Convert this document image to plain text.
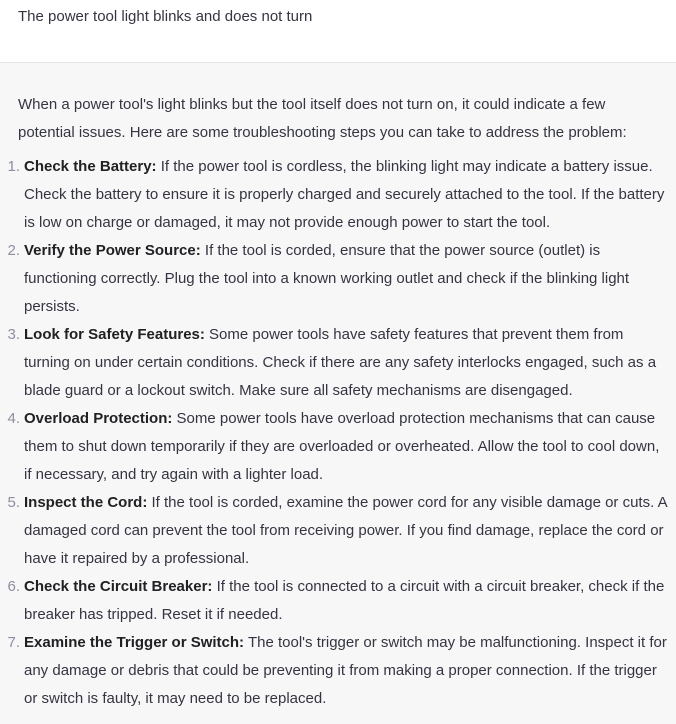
The power tool light blinks and does not turn

When a power tool's light blinks but the tool itself does not turn on, it could indicate a few potential issues. Here are some troubleshooting steps you can take to address the problem:

1. Check the Battery: If the power tool is cordless, the blinking light may indicate a battery issue. Check the battery to ensure it is properly charged and securely attached to the tool. If the battery is low on charge or damaged, it may not provide enough power to start the tool.
2. Verify the Power Source: If the tool is corded, ensure that the power source (outlet) is functioning correctly. Plug the tool into a known working outlet and check if the blinking light persists.
3. Look for Safety Features: Some power tools have safety features that prevent them from turning on under certain conditions. Check if there are any safety interlocks engaged, such as a blade guard or a lockout switch. Make sure all safety mechanisms are disengaged.
4. Overload Protection: Some power tools have overload protection mechanisms that can cause them to shut down temporarily if they are overloaded or overheated. Allow the tool to cool down, if necessary, and try again with a lighter load.
5. Inspect the Cord: If the tool is corded, examine the power cord for any visible damage or cuts. A damaged cord can prevent the tool from receiving power. If you find damage, replace the cord or have it repaired by a professional.
6. Check the Circuit Breaker: If the tool is connected to a circuit with a circuit breaker, check if the breaker has tripped. Reset it if needed.
7. Examine the Trigger or Switch: The tool's trigger or switch may be malfunctioning. Inspect it for any damage or debris that could be preventing it from making a proper connection. If the trigger or switch is faulty, it may need to be replaced.
